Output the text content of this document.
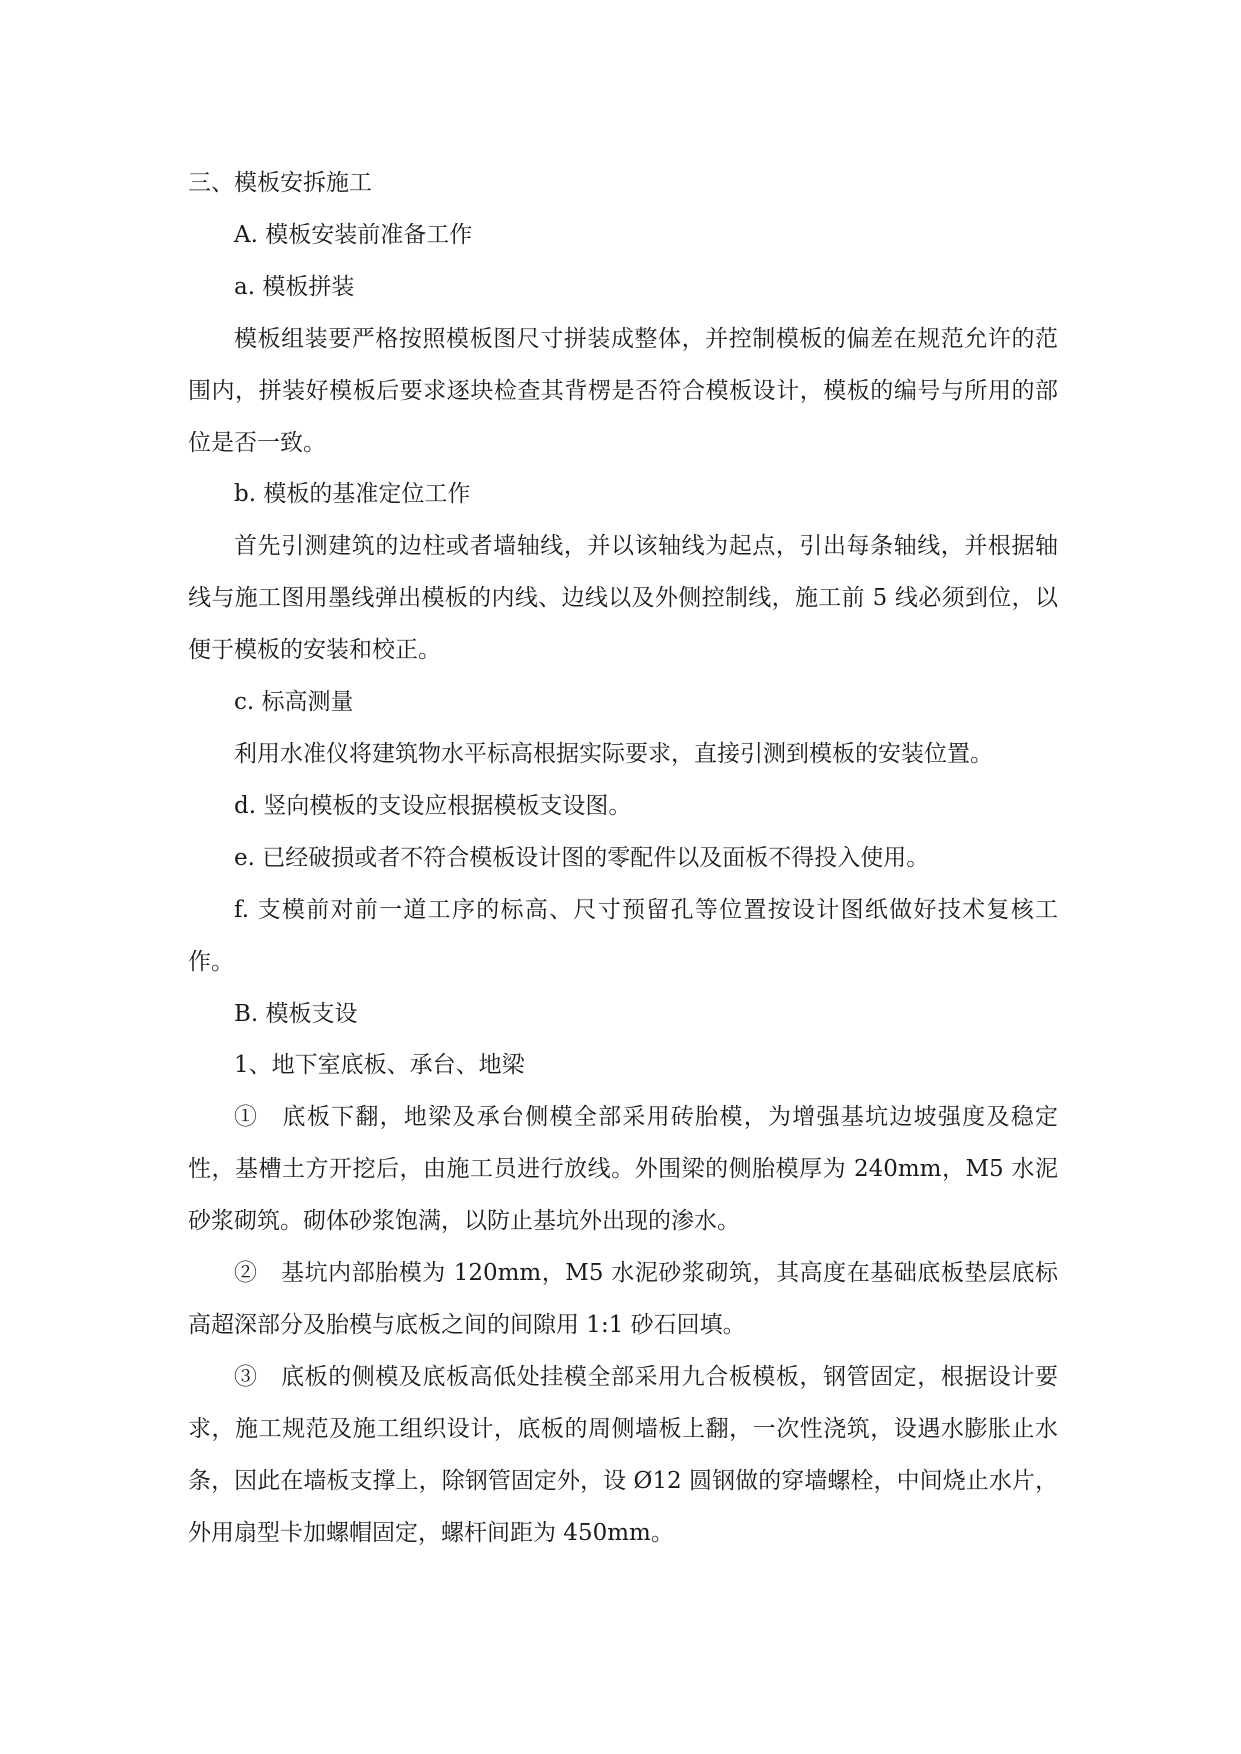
三、模板安拆施工

A. 模板安装前准备工作

a. 模板拼装

模板组装要严格按照模板图尺寸拼装成整体，并控制模板的偏差在规范允许的范围内，拼装好模板后要求逐块检查其背楞是否符合模板设计，模板的编号与所用的部位是否一致。

b. 模板的基准定位工作

首先引测建筑的边柱或者墙轴线，并以该轴线为起点，引出每条轴线，并根据轴线与施工图用墨线弹出模板的内线、边线以及外侧控制线，施工前 5 线必须到位，以便于模板的安装和校正。

c. 标高测量

利用水准仪将建筑物水平标高根据实际要求，直接引测到模板的安装位置。

d. 竖向模板的支设应根据模板支设图。

e. 已经破损或者不符合模板设计图的零配件以及面板不得投入使用。

f. 支模前对前一道工序的标高、尺寸预留孔等位置按设计图纸做好技术复核工作。

B. 模板支设

1、地下室底板、承台、地梁

①　底板下翻，地梁及承台侧模全部采用砖胎模，为增强基坑边坡强度及稳定性，基槽土方开挖后，由施工员进行放线。外围梁的侧胎模厚为 240mm，M5 水泥砂浆砌筑。砌体砂浆饱满，以防止基坑外出现的渗水。

②　基坑内部胎模为 120mm，M5 水泥砂浆砌筑，其高度在基础底板垫层底标高超深部分及胎模与底板之间的间隙用 1:1 砂石回填。

③　底板的侧模及底板高低处挂模全部采用九合板模板，钢管固定，根据设计要求，施工规范及施工组织设计，底板的周侧墙板上翻，一次性浇筑，设遇水膨胀止水条，因此在墙板支撑上，除钢管固定外，设 Ø12 圆钢做的穿墙螺栓，中间烧止水片，外用扇型卡加螺帽固定，螺杆间距为 450mm。
